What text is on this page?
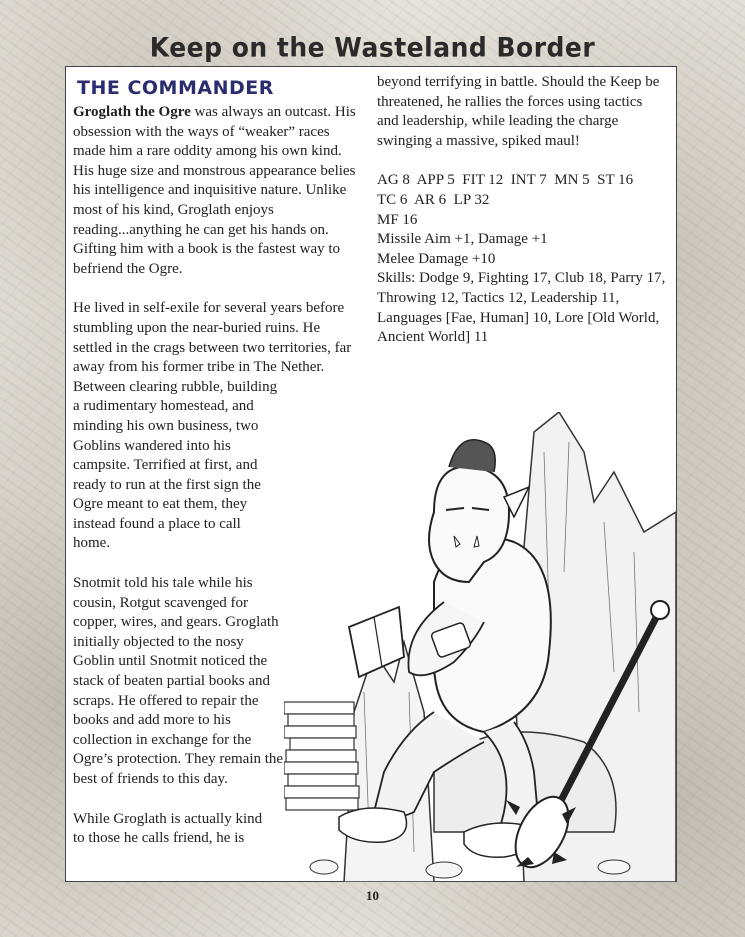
Keep on the Wasteland Border
THE COMMANDER

Groglath the Ogre was always an outcast. His obsession with the ways of “weaker” races made him a rare oddity among his own kind. His huge size and monstrous appearance belies his intelligence and inquisitive nature. Unlike most of his kind, Groglath enjoys reading...anything he can get his hands on. Gifting him with a book is the fastest way to befriend the Ogre.

He lived in self-exile for several years before stumbling upon the near-buried ruins. He settled in the crags between two territories, far away from his former tribe in The Nether. Between clearing rubble, building
a rudimentary homestead, and minding his own business, two Goblins wandered into his campsite. Terrified at first, and ready to run at the first sign the Ogre meant to eat them, they instead found a place to call home.

Snotmit told his tale while his cousin, Rotgut scavenged for copper, wires, and gears. Groglath initially objected to the nosy Goblin until Snotmit noticed the stack of beaten partial books and scraps. He offered to repair the books and add more to his collection in exchange for the Ogre’s protection. They remain the best of friends to this day.

While Groglath is actually kind to those he calls friend, he is

beyond terrifying in battle. Should the Keep be threatened, he rallies the forces using tactics and leadership, while leading the charge swinging a massive, spiked maul!

AG 8  APP 5  FIT 12  INT 7  MN 5  ST 16

TC 6  AR 6  LP 32

MF 16

Missile Aim +1, Damage +1

Melee Damage +10

Skills: Dodge 9, Fighting 17, Club 18, Parry 17, Throwing 12, Tactics 12, Leadership 11, Languages [Fae, Human] 10, Lore [Old World, Ancient World] 11

10
